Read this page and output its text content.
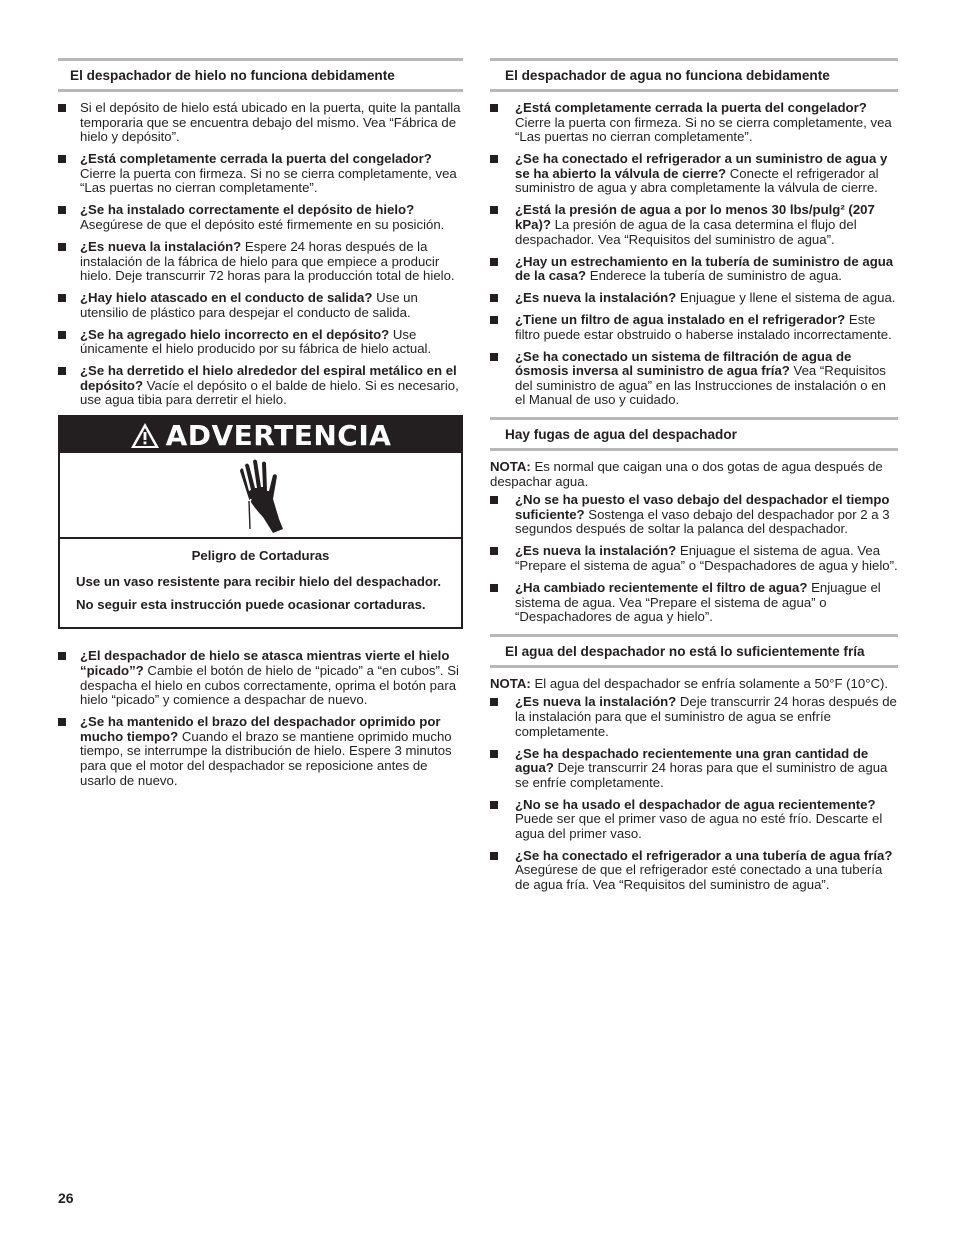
El despachador de hielo no funciona debidamente
Si el depósito de hielo está ubicado en la puerta, quite la pantalla temporaria que se encuentra debajo del mismo. Vea “Fábrica de hielo y depósito”.
¿Está completamente cerrada la puerta del congelador? Cierre la puerta con firmeza. Si no se cierra completamente, vea “Las puertas no cierran completamente”.
¿Se ha instalado correctamente el depósito de hielo? Asegúrese de que el depósito esté firmemente en su posición.
¿Es nueva la instalación? Espere 24 horas después de la instalación de la fábrica de hielo para que empiece a producir hielo. Deje transcurrir 72 horas para la producción total de hielo.
¿Hay hielo atascado en el conducto de salida? Use un utensilio de plástico para despejar el conducto de salida.
¿Se ha agregado hielo incorrecto en el depósito? Use únicamente el hielo producido por su fábrica de hielo actual.
¿Se ha derretido el hielo alrededor del espiral metálico en el depósito? Vacíe el depósito o el balde de hielo. Si es necesario, use agua tibia para derretir el hielo.
ADVERTENCIA
Peligro de Cortaduras
Use un vaso resistente para recibir hielo del despachador.
No seguir esta instrucción puede ocasionar cortaduras.
¿El despachador de hielo se atasca mientras vierte el hielo “picado”? Cambie el botón de hielo de “picado” a “en cubos”. Si despacha el hielo en cubos correctamente, oprima el botón para hielo “picado” y comience a despachar de nuevo.
¿Se ha mantenido el brazo del despachador oprimido por mucho tiempo? Cuando el brazo se mantiene oprimido mucho tiempo, se interrumpe la distribución de hielo. Espere 3 minutos para que el motor del despachador se reposicione antes de usarlo de nuevo.
El despachador de agua no funciona debidamente
¿Está completamente cerrada la puerta del congelador? Cierre la puerta con firmeza. Si no se cierra completamente, vea “Las puertas no cierran completamente”.
¿Se ha conectado el refrigerador a un suministro de agua y se ha abierto la válvula de cierre? Conecte el refrigerador al suministro de agua y abra completamente la válvula de cierre.
¿Está la presión de agua a por lo menos 30 lbs/pulg² (207 kPa)? La presión de agua de la casa determina el flujo del despachador. Vea “Requisitos del suministro de agua”.
¿Hay un estrechamiento en la tubería de suministro de agua de la casa? Enderece la tubería de suministro de agua.
¿Es nueva la instalación? Enjuague y llene el sistema de agua.
¿Tiene un filtro de agua instalado en el refrigerador? Este filtro puede estar obstruido o haberse instalado incorrectamente.
¿Se ha conectado un sistema de filtración de agua de ósmosis inversa al suministro de agua fría? Vea “Requisitos del suministro de agua” en las Instrucciones de instalación o en el Manual de uso y cuidado.
Hay fugas de agua del despachador

NOTA: Es normal que caigan una o dos gotas de agua después de despachar agua.

¿No se ha puesto el vaso debajo del despachador el tiempo suficiente? Sostenga el vaso debajo del despachador por 2 a 3 segundos después de soltar la palanca del despachador.
¿Es nueva la instalación? Enjuague el sistema de agua. Vea “Prepare el sistema de agua” o “Despachadores de agua y hielo”.
¿Ha cambiado recientemente el filtro de agua? Enjuague el sistema de agua. Vea “Prepare el sistema de agua” o “Despachadores de agua y hielo”.
El agua del despachador no está lo suficientemente fría

NOTA: El agua del despachador se enfría solamente a 50°F (10°C).

¿Es nueva la instalación? Deje transcurrir 24 horas después de la instalación para que el suministro de agua se enfríe completamente.
¿Se ha despachado recientemente una gran cantidad de agua? Deje transcurrir 24 horas para que el suministro de agua se enfríe completamente.
¿No se ha usado el despachador de agua recientemente? Puede ser que el primer vaso de agua no esté frío. Descarte el agua del primer vaso.
¿Se ha conectado el refrigerador a una tubería de agua fría? Asegúrese de que el refrigerador esté conectado a una tubería de agua fría. Vea “Requisitos del suministro de agua”.
26
